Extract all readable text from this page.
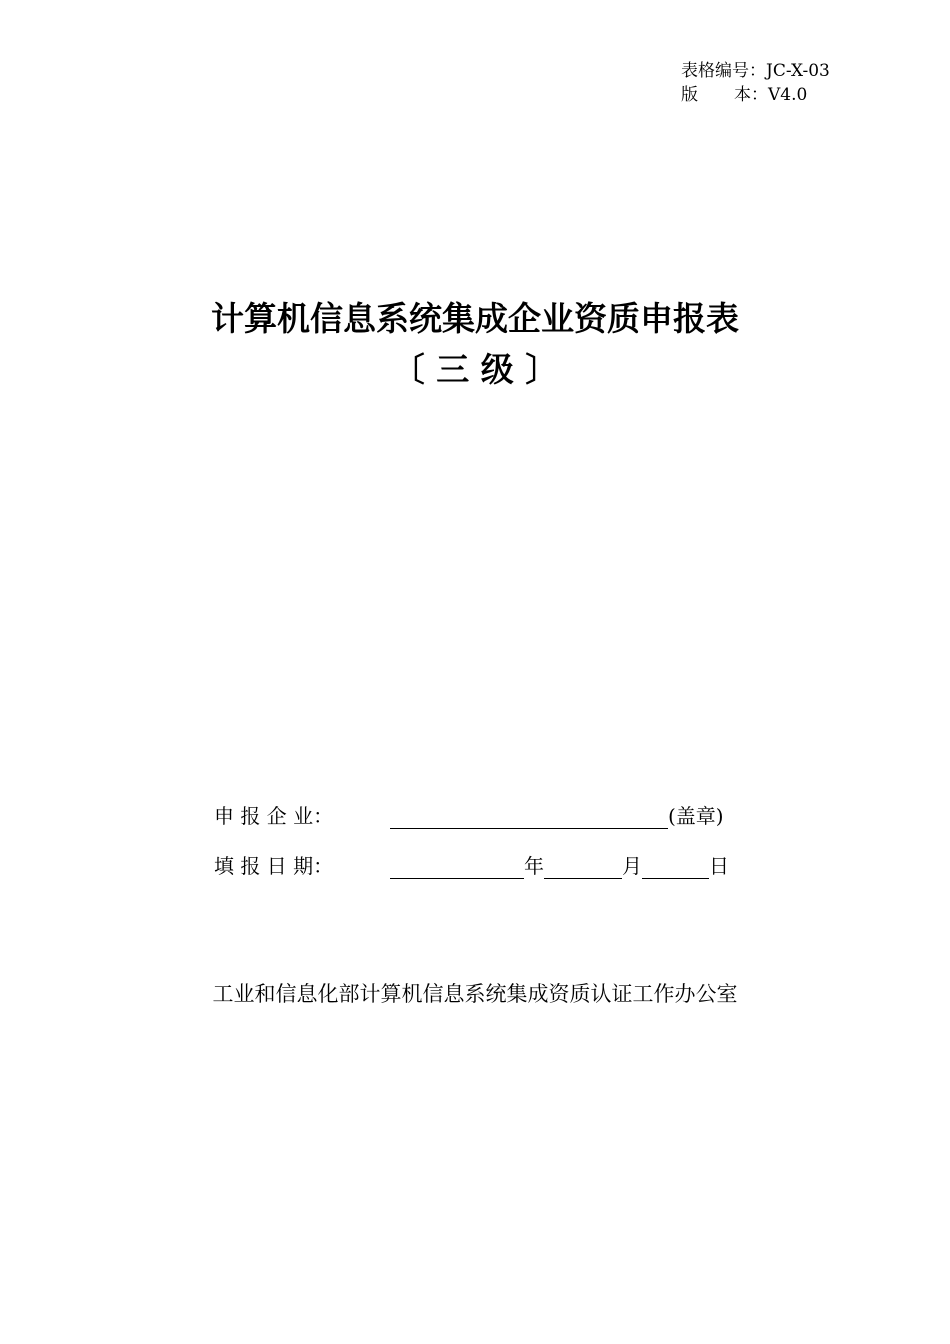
表格编号：JC-X-03
版 本：V4.0
计算机信息系统集成企业资质申报表
〔 三 级 〕
申 报 企 业：	(盖章)
填 报 日 期：	年	月	日
工业和信息化部计算机信息系统集成资质认证工作办公室
